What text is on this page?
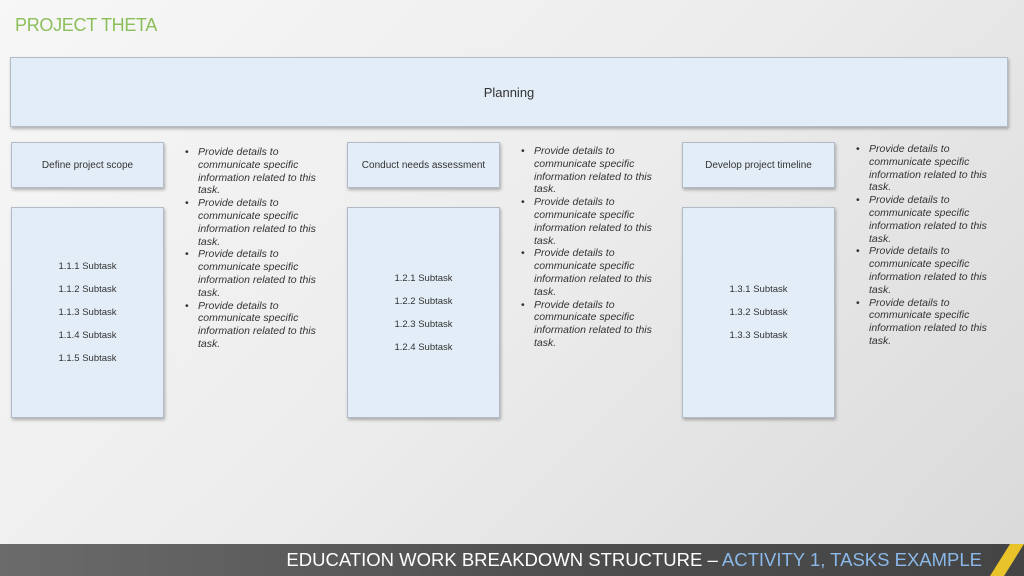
PROJECT THETA
Planning
Define project scope
1.1.1 Subtask
1.1.2 Subtask
1.1.3 Subtask
1.1.4 Subtask
1.1.5 Subtask
• Provide details to communicate specific information related to this task.
• Provide details to communicate specific information related to this task.
• Provide details to communicate specific information related to this task.
• Provide details to communicate specific information related to this task.
Conduct needs assessment
1.2.1 Subtask
1.2.2 Subtask
1.2.3 Subtask
1.2.4 Subtask
• Provide details to communicate specific information related to this task.
• Provide details to communicate specific information related to this task.
• Provide details to communicate specific information related to this task.
• Provide details to communicate specific information related to this task.
Develop project timeline
1.3.1 Subtask
1.3.2 Subtask
1.3.3 Subtask
• Provide details to communicate specific information related to this task.
• Provide details to communicate specific information related to this task.
• Provide details to communicate specific information related to this task.
• Provide details to communicate specific information related to this task.
EDUCATION WORK BREAKDOWN STRUCTURE – ACTIVITY 1, TASKS EXAMPLE
